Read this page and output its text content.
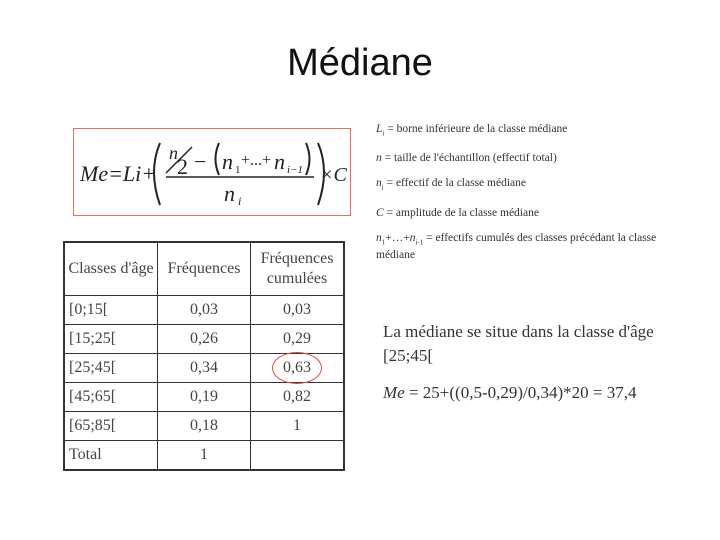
Médiane
Me=Li+
n
2 − n 1
+...+ n i−1
n i
×C
$L_i$ = borne inférieure de la classe médiane
n = taille de l'échantillon (effectif total)
$n_i$ = effectif de la classe médiane
C = amplitude de la classe médiane
$n_1+\dots+n_{i-1}$ = effectifs cumulés des classes précédant la classe médiane
Classes d'âge	Fréquences	Fréquences cumulées
[0;15[	0,03	0,03
[15;25[	0,26	0,29
[25;45[	0,34	0,63

[45;65[	0,19	0,82
[65;85[	0,18	1
Total	1	
La médiane se situe dans la classe d'âge
[25;45[
Me = 25+((0,5-0,29)/0,34)*20 = 37,4
